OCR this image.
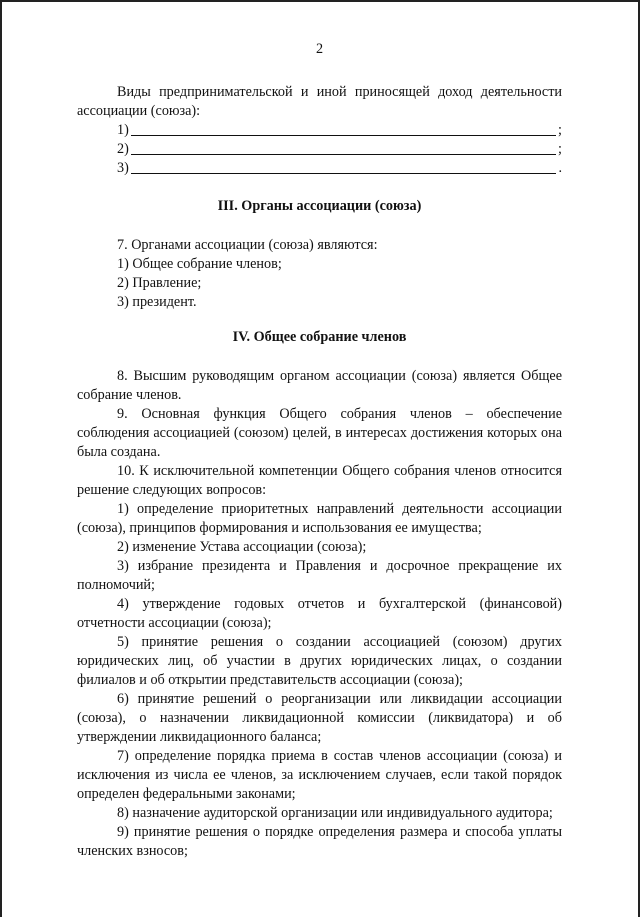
2

Виды предпринимательской и иной приносящей доход деятельности ассоциации (союза):

1)	;
2)	;
3)	.
III. Органы ассоциации (союза)

7. Органами ассоциации (союза) являются:

1) Общее собрание членов;

2) Правление;

3) президент.

IV. Общее собрание членов

8. Высшим руководящим органом ассоциации (союза) является Общее собрание членов.

9. Основная функция Общего собрания членов – обеспечение соблюдения ассоциацией (союзом) целей, в интересах достижения которых она была создана.

10. К исключительной компетенции Общего собрания членов относится решение следующих вопросов:

1) определение приоритетных направлений деятельности ассоциации (союза), принципов формирования и использования ее имущества;

2) изменение Устава ассоциации (союза);

3) избрание президента и Правления и досрочное прекращение их полномочий;

4) утверждение годовых отчетов и бухгалтерской (финансовой) отчетности ассоциации (союза);

5) принятие решения о создании ассоциацией (союзом) других юридических лиц, об участии в других юридических лицах, о создании филиалов и об открытии представительств ассоциации (союза);

6) принятие решений о реорганизации или ликвидации ассоциации (союза), о назначении ликвидационной комиссии (ликвидатора) и об утверждении ликвидационного баланса;

7) определение порядка приема в состав членов ассоциации (союза) и исключения из числа ее членов, за исключением случаев, если такой порядок определен федеральными законами;

8) назначение аудиторской организации или индивидуального аудитора;

9) принятие решения о порядке определения размера и способа уплаты членских взносов;
